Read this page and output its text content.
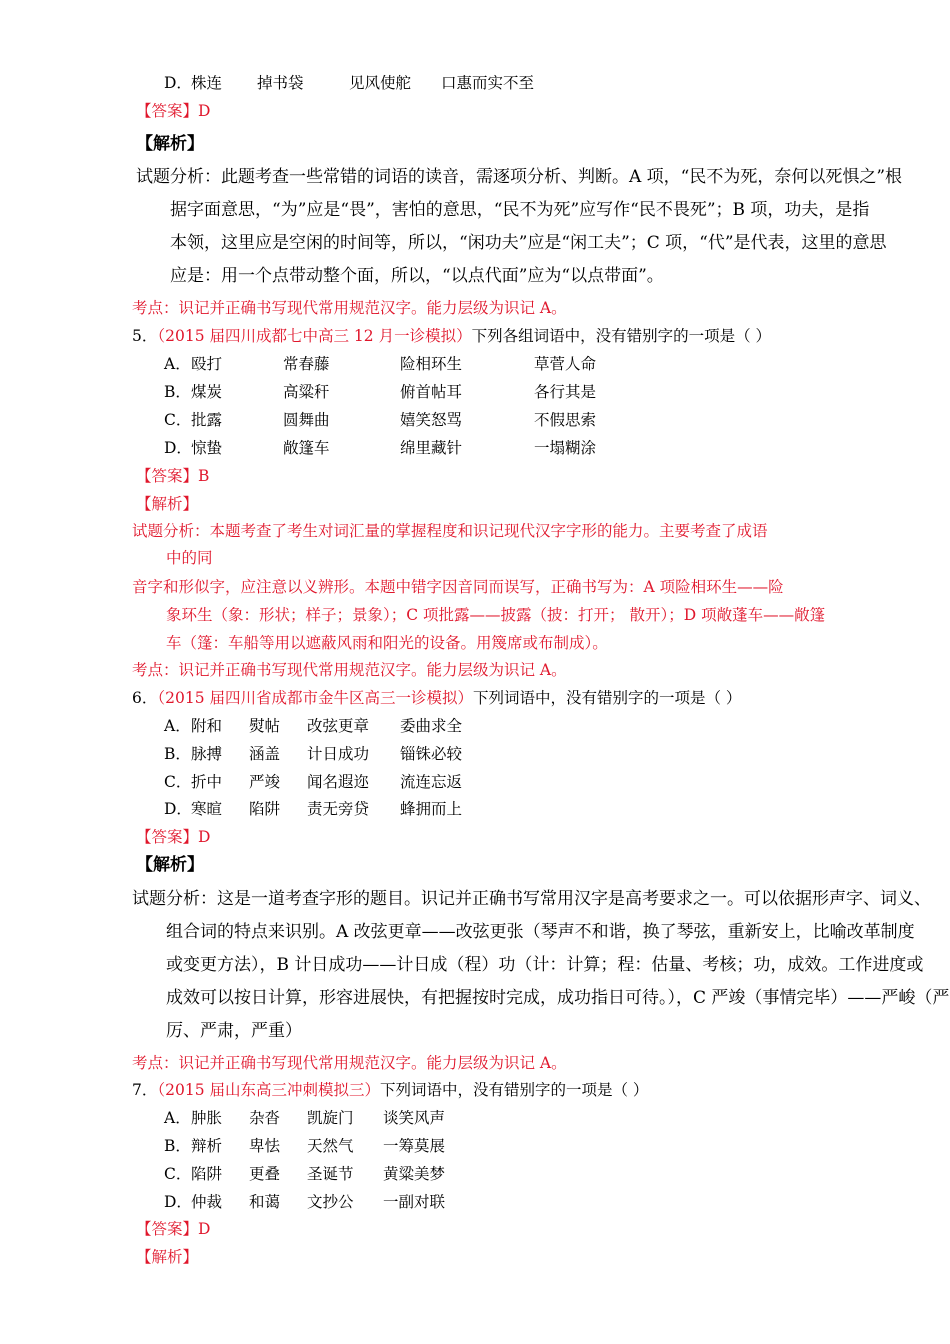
D．株连 掉书袋	见风使舵 口惠而实不至
【答案】D
【解析】
试题分析：此题考查一些常错的词语的读音，需逐项分析、判断。A 项，“民不为死，奈何以死惧之”根
据字面意思，“为”应是“畏”，害怕的意思，“民不为死”应写作“民不畏死”；B 项，功夫，是指
本领，这里应是空闲的时间等，所以，“闲功夫”应是“闲工夫”；C 项，“代”是代表，这里的意思
应是：用一个点带动整个面，所以，“以点代面”应为“以点带面”。
考点：识记并正确书写现代常用规范汉字。能力层级为识记 A。
5．（2015 届四川成都七中高三 12 月一诊模拟）下列各组词语中，没有错别字的一项是（ ）
A．殴打	常春藤	险相环生	草菅人命
B．煤炭	高粱秆	俯首帖耳	各行其是
C．批露	圆舞曲	嬉笑怒骂	不假思索
D．惊蛰	敞篷车	绵里藏针	一塌糊涂
【答案】B
【解析】
试题分析：本题考查了考生对词汇量的掌握程度和识记现代汉字字形的能力。主要考查了成语
中的同
音字和形似字，应注意以义辨形。本题中错字因音同而误写，正确书写为：A 项险相环生——险
象环生（象：形状；样子；景象）；C 项批露——披露（披：打开； 散开）；D 项敞蓬车——敞篷
车（篷：车船等用以遮蔽风雨和阳光的设备。用篾席或布制成）。
考点：识记并正确书写现代常用规范汉字。能力层级为识记 A。
6．（2015 届四川省成都市金牛区高三一诊模拟）下列词语中，没有错别字的一项是（ ）
A．附和 熨帖 改弦更章 委曲求全
B．脉搏 涵盖 计日成功 锱铢必较
C．折中 严竣 闻名遐迩 流连忘返
D．寒暄 陷阱 责无旁贷 蜂拥而上
【答案】D
【解析】
试题分析：这是一道考查字形的题目。识记并正确书写常用汉字是高考要求之一。可以依据形声字、词义、
组合词的特点来识别。A 改弦更章——改弦更张（琴声不和谐，换了琴弦，重新安上，比喻改革制度
或变更方法），B 计日成功——计日成（程）功（计：计算；程：估量、考核；功，成效。工作进度或
成效可以按日计算，形容进展快，有把握按时完成，成功指日可待。），C 严竣（事情完毕）——严峻（严
厉、严肃，严重）
考点：识记并正确书写现代常用规范汉字。能力层级为识记 A。
7．（2015 届山东高三冲刺模拟三）下列词语中，没有错别字的一项是（ ）
A．肿胀 杂沓 凯旋门 谈笑风声
B．辩析 卑怯 天然气 一筹莫展
C．陷阱 更叠 圣诞节 黄粱美梦
D．仲裁 和蔼 文抄公 一副对联
【答案】D
【解析】
